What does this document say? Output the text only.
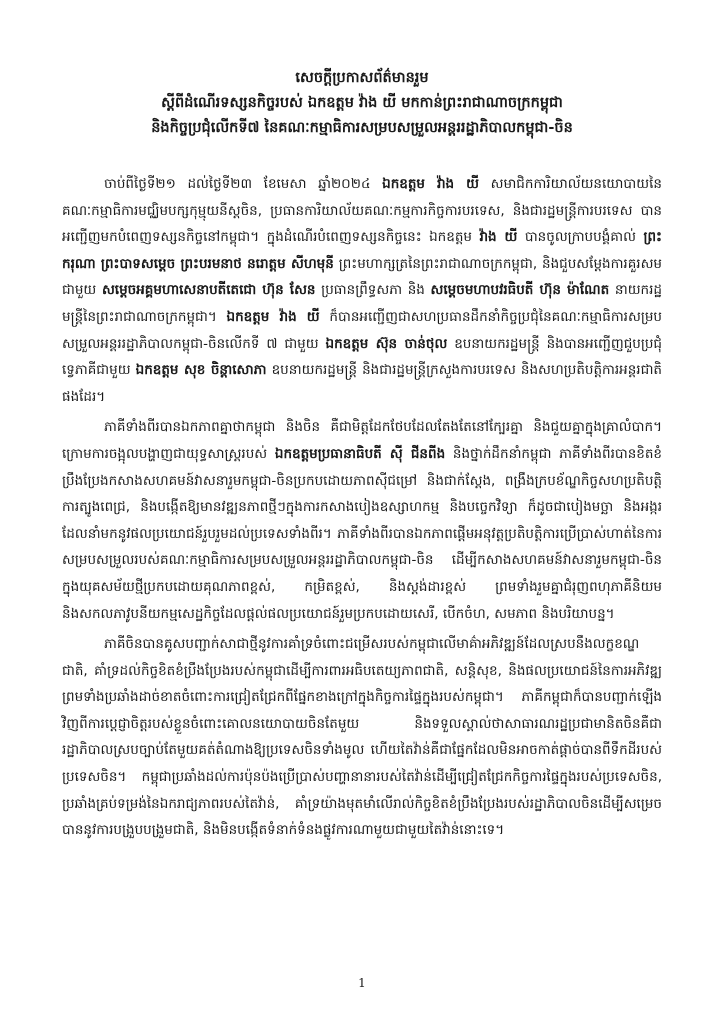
សេចក្តីប្រកាសព័ត៌មានរួម
ស្តីពីដំណើរទស្សនកិច្ចរបស់ ឯកឧត្តម វ៉ាង យី មកកាន់ព្រះរាជាណាចក្រកម្ពុជា
និងកិច្ចប្រជុំលើកទី៧ នៃគណៈកម្មាធិការសម្របសម្រួលអន្តររដ្ឋាភិបាលកម្ពុជា-ចិន

ចាប់ពីថ្ងៃទី២១ ដល់ថ្ងៃទី២៣ ខែមេសា ឆ្នាំ២០២៤ ឯកឧត្តម វ៉ាង យី សមាជិកការិយាល័យនយោបាយនៃគណៈកម្មាធិការមជ្ឈិមបក្សកុម្មុយនីស្តចិន, ប្រធានការិយាល័យគណៈកម្មការកិច្ចការបរទេស, និងជារដ្ឋមន្ត្រីការបរទេស បានអញ្ជើញមកបំពេញទស្សនកិច្ចនៅកម្ពុជា។ ក្នុងដំណើរបំពេញទស្សនកិច្ចនេះ ឯកឧត្តម វ៉ាង យី បានចូលក្រាបបង្គំគាល់ ព្រះករុណា ព្រះបាទសម្តេច ព្រះបរមនាថ នរោត្តម សីហមុនី ព្រះមហាក្សត្រនៃព្រះរាជាណាចក្រកម្ពុជា, និងជួបសម្តែងការគួរសមជាមួយ សម្តេចអគ្គមហាសេនាបតីតេជោ ហ៊ុន សែន ប្រធានព្រឹទ្ធសភា និង សម្តេចមហាបវរធិបតី ហ៊ុន ម៉ាណែត នាយករដ្ឋមន្ត្រីនៃព្រះរាជាណាចក្រកម្ពុជា។ ឯកឧត្តម វ៉ាង យី ក៏បានអញ្ជើញជាសហប្រធានដឹកនាំកិច្ចប្រជុំនៃគណៈកម្មាធិការសម្របសម្រួលអន្តររដ្ឋាភិបាលកម្ពុជា-ចិនលើកទី ៧ ជាមួយ ឯកឧត្តម ស៊ុន ចាន់ថុល ឧបនាយករដ្ឋមន្ត្រី និងបានអញ្ជើញជួបប្រជុំទ្វេភាគីជាមួយ ឯកឧត្តម សុខ ចិន្តាសោភា ឧបនាយករដ្ឋមន្ត្រី និងជារដ្ឋមន្ត្រីក្រសួងការបរទេស និងសហប្រតិបត្តិការអន្តរជាតិ ផងដែរ។

ភាគីទាំងពីរបានឯកភាពគ្នាថាកម្ពុជា និងចិន គឺជាមិត្តដែកថែបដែលតែងតែនៅក្បែរគ្នា និងជួយគ្នាក្នុងគ្រាលំបាក។ ក្រោមការចង្អុលបង្ហាញជាយុទ្ធសាស្ត្ររបស់ ឯកឧត្តមប្រធានាធិបតី ស៊ី ជីនពីង និងថ្នាក់ដឹកនាំកម្ពុជា ភាគីទាំងពីរបានខិតខំប្រឹងប្រែងកសាងសហគមន៍វាសនារួមកម្ពុជា-ចិនប្រកបដោយភាពស៊ីជម្រៅ និងជាក់ស្តែង, ពង្រឹងក្របខ័ណ្ឌកិច្ចសហប្រតិបត្តិការត្បូងពេជ្រ, និងបង្កើតឱ្យមានវឌ្ឍនភាពថ្មីៗក្នុងការកសាងបៀងឧស្សាហកម្ម និងបច្ចេកវិទ្យា ក៏ដូចជាបៀងមច្ឆា និងអង្ករ ដែលនាំមកនូវផលប្រយោជន៍រួបរួមដល់ប្រទេសទាំងពីរ។ ភាគីទាំងពីរបានឯកភាពផ្តើមអនុវត្តប្រតិបត្តិការប្រើប្រាស់ហាត់នៃការសម្របសម្រួលរបស់គណៈកម្មាធិការសម្របសម្រួលអន្តររដ្ឋាភិបាលកម្ពុជា-ចិន ដើម្បីកសាងសហគមន៍វាសនារួមកម្ពុជា-ចិន ក្នុងយុគសម័យថ្មីប្រកបដោយគុណភាពខ្ពស់, កម្រិតខ្ពស់, និងស្តង់ដារខ្ពស់ ព្រមទាំងរួមគ្នាជំរុញពហុភាគីនិយម និងសកលភាវូបនីយកម្មសេដ្ឋកិច្ចដែលផ្តល់ផលប្រយោជន៍រួមប្រកបដោយសេរី, បើកចំហ, សមភាព និងបរិយាបន្ន។

ភាគីចិនបានគូសបញ្ជាក់សាជាថ្មីនូវការគាំទ្រចំពោះជម្រើសរបស់កម្ពុជាលើមាគ៌ាអភិវឌ្ឍន៍ដែលស្របនឹងលក្ខខណ្ឌជាតិ, គាំទ្រដល់កិច្ចខិតខំប្រឹងប្រែងរបស់កម្ពុជាដើម្បីការពារអធិបតេយ្យភាពជាតិ, សន្តិសុខ, និងផលប្រយោជន៍នៃការអភិវឌ្ឍ ព្រមទាំងប្រឆាំងដាច់ខាតចំពោះការជ្រៀតជ្រែកពីផ្នែកខាងក្រៅក្នុងកិច្ចការផ្ទៃក្នុងរបស់កម្ពុជា។ ភាគីកម្ពុជាក៏បានបញ្ជាក់ឡើងវិញពីការប្តេជ្ញាចិត្តរបស់ខ្លួនចំពោះគោលនយោបាយចិនតែមួយ និងទទួលស្គាល់ថាសាធារណរដ្ឋប្រជាមានិតចិនគឺជារដ្ឋាភិបាលស្របច្បាប់តែមួយគត់តំណាងឱ្យប្រទេសចិនទាំងមូល ហើយតៃវ៉ាន់គឺជាផ្នែកដែលមិនអាចកាត់ផ្តាច់បានពីទឹកដីរបស់ប្រទេសចិន។ កម្ពុជាប្រឆាំងដល់ការប៉ុនប៉ងប្រើប្រាស់បញ្ហានានារបស់តៃវ៉ាន់ដើម្បីជ្រៀតជ្រែកកិច្ចការផ្ទៃក្នុងរបស់ប្រទេសចិន, ប្រឆាំងគ្រប់ទម្រង់នៃឯករាជ្យភាពរបស់តៃវ៉ាន់, គាំទ្រយ៉ាងមុតមាំលើរាល់កិច្ចខិតខំប្រឹងប្រែងរបស់រដ្ឋាភិបាលចិនដើម្បីសម្រេចបាននូវការបង្រួបបង្រួមជាតិ, និងមិនបង្កើតទំនាក់ទំនងផ្លូវការណាមួយជាមួយតៃវ៉ាន់នោះទេ។

1
